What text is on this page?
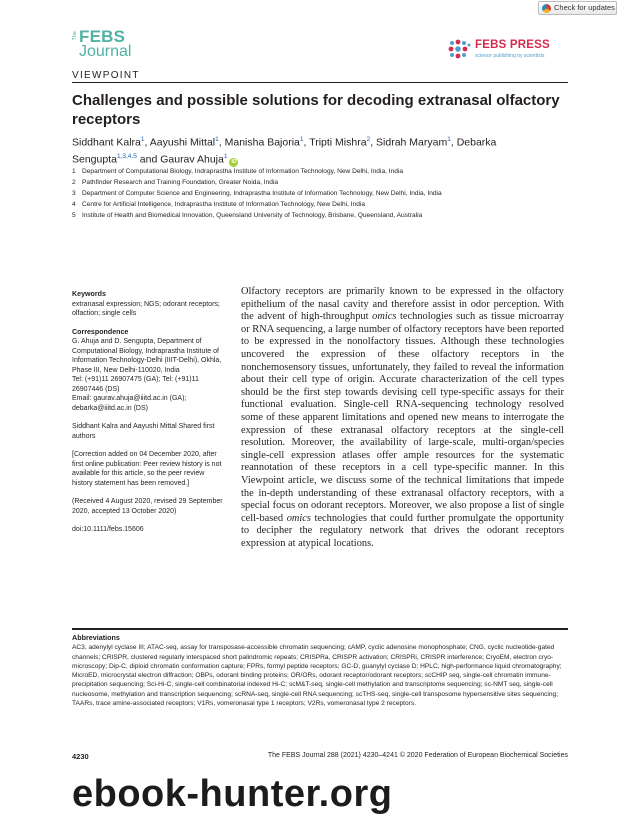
Check for updates
The FEBS
Journal	FEBS PRESS
science publishing by scientists
VIEWPOINT
Challenges and possible solutions for decoding extranasal olfactory receptors
Siddhant Kalra$^1$, Aayushi Mittal$^1$, Manisha Bajoria$^1$, Tripti Mishra$^2$, Sidrah Maryam$^1$, Debarka Sengupta$^{1,3,4,5}$ and Gaurav Ahuja$^1$iD
1 Department of Computational Biology, Indraprastha Institute of Information Technology, New Delhi, India, India
2 Pathfinder Research and Training Foundation, Greater Noida, India
3 Department of Computer Science and Engineering, Indraprastha Institute of Information Technology, New Delhi, India, India
4 Centre for Artificial Intelligence, Indraprastha Institute of Information Technology, New Delhi, India
5 Institute of Health and Biomedical Innovation, Queensland University of Technology, Brisbane, Queensland, Australia
Keywords
extranasal expression; NGS; odorant receptors; olfaction; single cells
Correspondence
G. Ahuja and D. Sengupta, Department of Computational Biology, Indraprastha Institute of Information Technology-Delhi (IIIT-Delhi), Okhla, Phase III, New Delhi-110020, India
Tel: (+91)11 26907475 (GA); Tel: (+91)11 26907446 (DS)
Email: gaurav.ahuja@iiitd.ac.in (GA); debarka@iiitd.ac.in (DS)
Siddhant Kalra and Aayushi Mittal Shared first authors
[Correction added on 04 December 2020, after first online publication: Peer review history is not available for this article, so the peer review history statement has been removed.]
(Received 4 August 2020, revised 29 September 2020, accepted 13 October 2020)
doi:10.1111/febs.15606
Olfactory receptors are primarily known to be expressed in the olfactory epithelium of the nasal cavity and therefore assist in odor perception. With the advent of high-throughput omics technologies such as tissue microarray or RNA sequencing, a large number of olfactory receptors have been reported to be expressed in the nonolfactory tissues. Although these technologies uncovered the expression of these olfactory receptors in the nonchemosensory tissues, unfortunately, they failed to reveal the information about their cell type of origin. Accurate characterization of the cell types should be the first step towards devising cell type-specific assays for their functional evaluation. Single-cell RNA-sequencing technology resolved some of these apparent limitations and opened new means to interrogate the expression of these extranasal olfactory receptors at the single-cell resolution. Moreover, the availability of large-scale, multi-organ/species single-cell expression atlases offer ample resources for the systematic reannotation of these receptors in a cell type-specific manner. In this Viewpoint article, we discuss some of the technical limitations that impede the in-depth understanding of these extranasal olfactory receptors, with a special focus on odorant receptors. Moreover, we also propose a list of single cell-based omics technologies that could further promulgate the opportunity to decipher the regulatory network that drives the odorant receptors expression at atypical locations.
Abbreviations
AC3, adenylyl cyclase III; ATAC-seq, assay for transposase-accessible chromatin sequencing; cAMP, cyclic adenosine monophosphate; CNG, cyclic nucleotide-gated channels; CRISPR, clustered regularly interspaced short palindromic repeats; CRISPRa, CRISPR activation; CRISPRi, CRISPR interference; CryoEM, electron cryo-microscopy; Dip-C, diploid chromatin conformation capture; FPRs, formyl peptide receptors; GC-D, guanylyl cyclase D; HPLC, high-performance liquid chromatography; MicroED, microcrystal electron diffraction; OBPs, odorant binding proteins; OR/ORs, odorant receptor/odorant receptors; scCHIP seq, single-cell chromatin immune-precipitation sequencing; Sci-Hi-C, single-cell combinatorial indexed Hi-C; scM&T-seq, single-cell methylation and transcriptome sequencing; sc-NMT seq, single-cell nucleosome, methylation and transcription sequencing; scRNA-seq, single-cell RNA sequencing; scTHS-seq, single-cell transposome hypersensitive sites sequencing; TAARs, trace amine-associated receptors; V1Rs, vomeronasal type 1 receptors; V2Rs, vomeronasal type 2 receptors.
4230	The FEBS Journal 288 (2021) 4230–4241 © 2020 Federation of European Biochemical Societies
ebook-hunter.org
